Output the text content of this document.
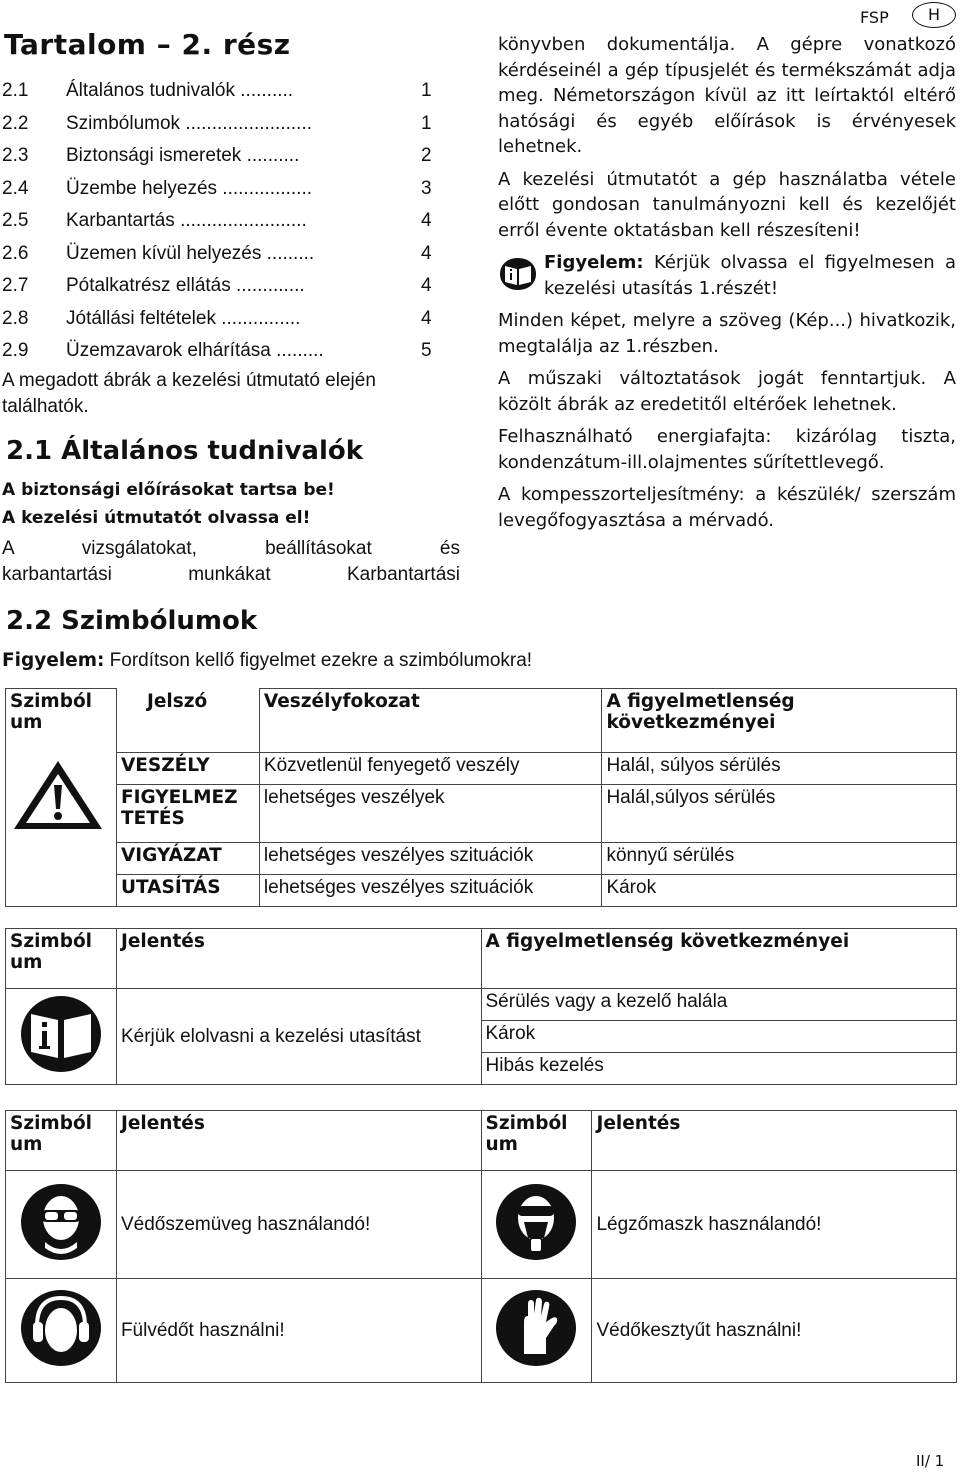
FSP	H
Tartalom – 2. rész
2.1 Általános tudnivalók ..........	1
2.2 Szimbólumok ........................	1
2.3 Biztonsági ismeretek ..........	2
2.4 Üzembe helyezés .................	3
2.5 Karbantartás ........................	4
2.6 Üzemen kívül helyezés .........	4
2.7 Pótalkatrész ellátás .............	4
2.8 Jótállási feltételek ...............	4
2.9 Üzemzavarok elhárítása .........	5
A megadott ábrák a kezelési útmutató elején
találhatók.
2.1 Általános tudnivalók
A biztonsági előírásokat tartsa be!
A kezelési útmutatót olvassa el!
A vizsgálatokat, beállításokat és
karbantartási munkákat Karbantartási

könyvben dokumentálja. A gépre vonatkozó kérdéseinél a gép típusjelét és termékszámát adja meg. Németországon kívül az itt leírtaktól eltérő hatósági és egyéb előírások is érvényesek lehetnek.

A kezelési útmutatót a gép használatba vétele előtt gondosan tanulmányozni kell és kezelőjét erről évente oktatásban kell részesíteni!

Figyelem: Kérjük olvassa el figyelmesen a kezelési utasítás 1.részét!

Minden képet, melyre a szöveg (Kép...) hivatkozik, megtalálja az 1.részben.

A műszaki változtatások jogát fenntartjuk. A közölt ábrák az eredetitől eltérőek lehetnek.

Felhasználható energiafajta: kizárólag tiszta, kondenzátum-ill.olajmentes sűrítettlevegő.

A kompesszorteljesítmény: a készülék/ szerszám levegőfogyasztása a mérvadó.

2.2 Szimbólumok
Figyelem: Fordítson kellő figyelmet ezekre a szimbólumokra!
Szimból um	Jelszó	Veszélyfokozat	A figyelmetlenség következményei

	VESZÉLY	Közvetlenül fenyegető veszély	Halál, súlyos sérülés
	FIGYELMEZ TETÉS	lehetséges veszélyek	Halál,súlyos sérülés
	VIGYÁZAT	lehetséges veszélyes szituációk	könnyű sérülés
	UTASÍTÁS	lehetséges veszélyes szituációk	Károk
Szimból um	Jelentés	A figyelmetlenség következményei

	Kérjük elolvasni a kezelési utasítást	Sérülés vagy a kezelő halála
		Károk
		Hibás kezelés
Szimból um	Jelentés	Szimból um	Jelentés

	Védőszemüveg használandó!		Légzőmaszk használandó!

	Fülvédőt használni!		Védőkesztyűt használni!
II/ 1
